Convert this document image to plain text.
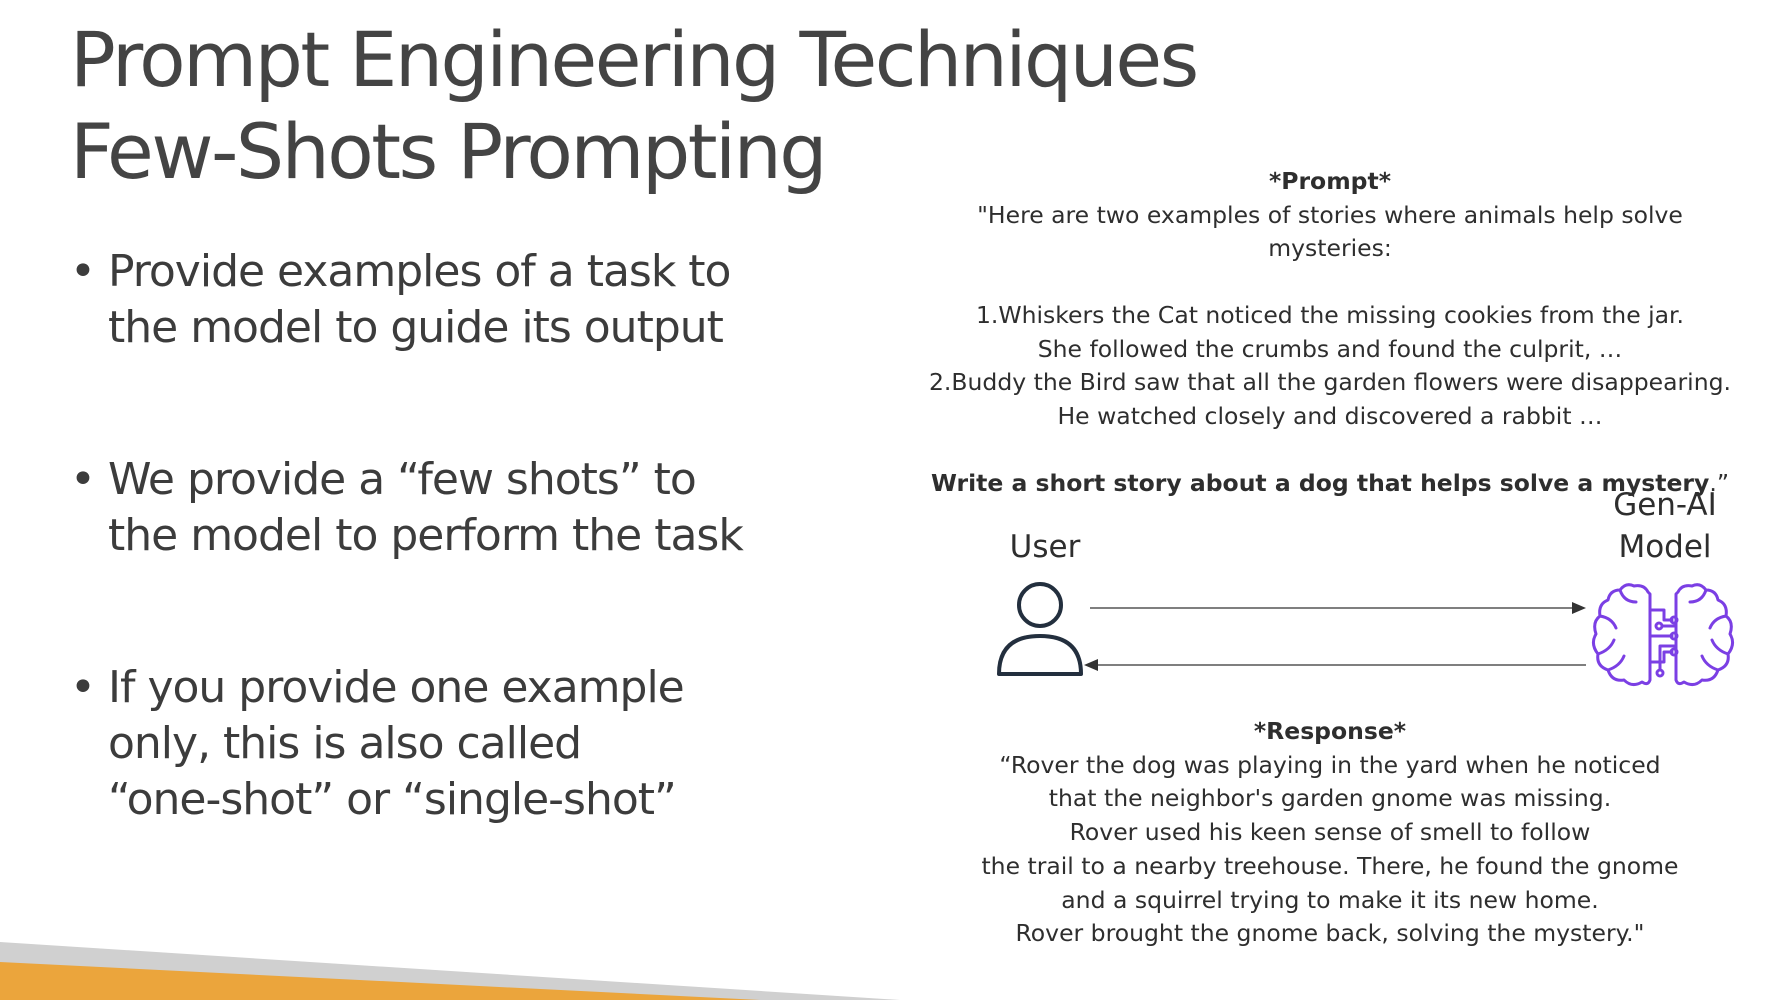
Prompt Engineering Techniques
Few-Shots Prompting
• Provide examples of a task to
the model to guide its output
• We provide a “few shots” to
the model to perform the task
• If you provide one example
only, this is also called
“one-shot” or “single-shot”
*Prompt*
"Here are two examples of stories where animals help solve mysteries:
1.Whiskers the Cat noticed the missing cookies from the jar.
She followed the crumbs and found the culprit, …
2.Buddy the Bird saw that all the garden flowers were disappearing.
He watched closely and discovered a rabbit …
Write a short story about a dog that helps solve a mystery.”
User
Gen-AI
Model
*Response*
“Rover the dog was playing in the yard when he noticed
that the neighbor's garden gnome was missing.
Rover used his keen sense of smell to follow
the trail to a nearby treehouse. There, he found the gnome
and a squirrel trying to make it its new home.
Rover brought the gnome back, solving the mystery."
